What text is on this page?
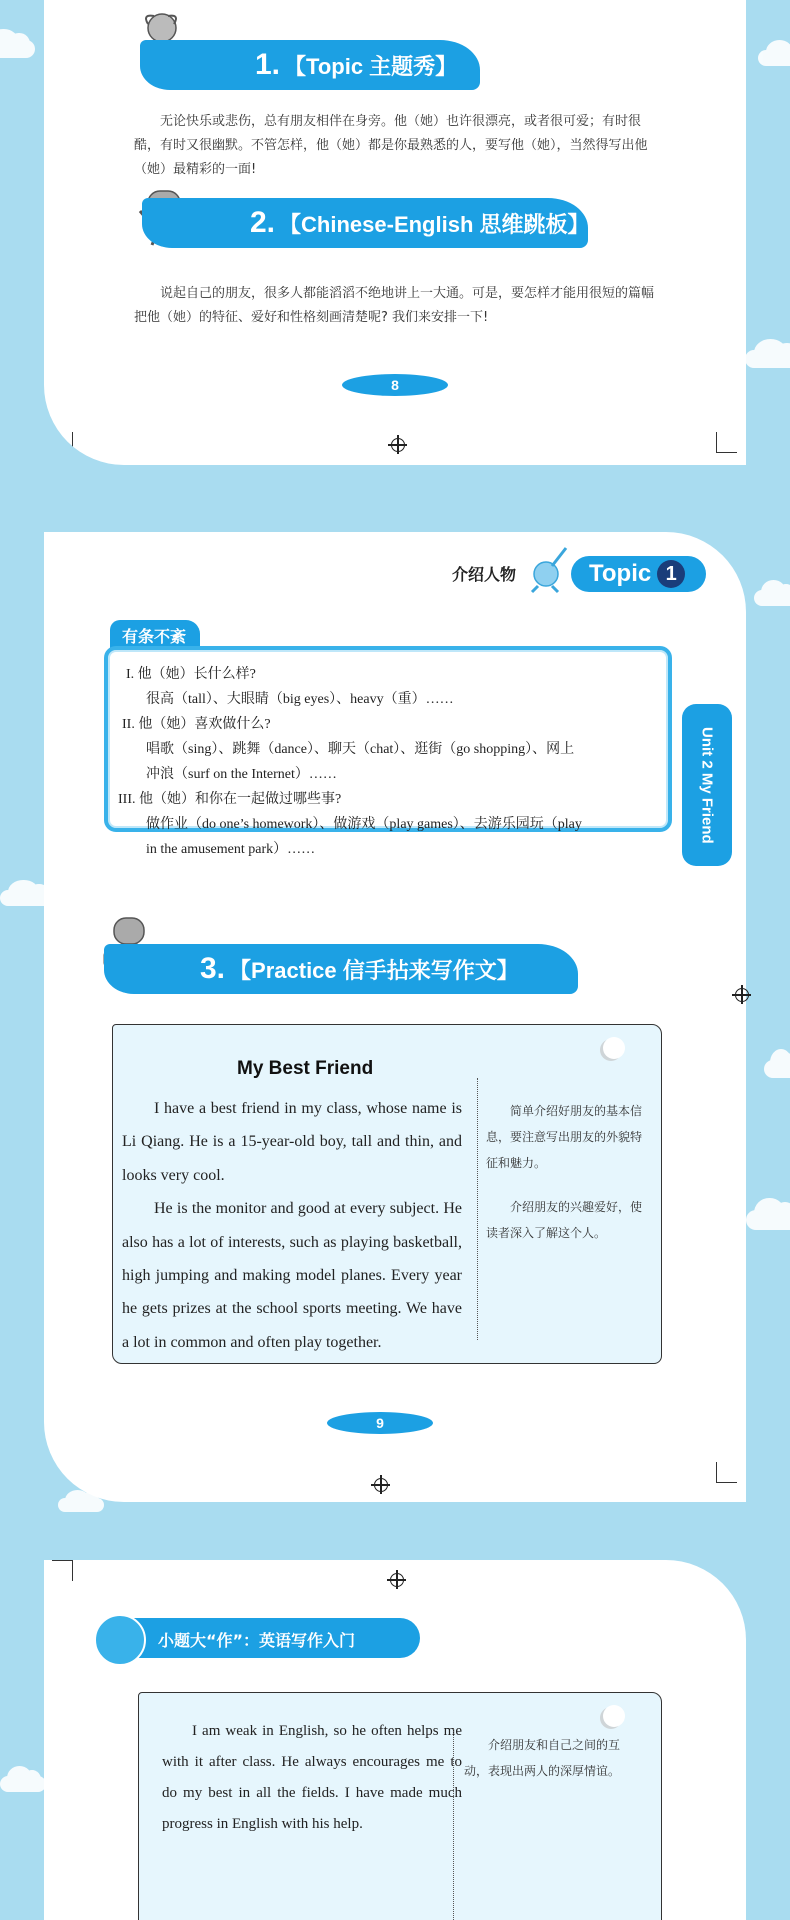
1. 【Topic 主题秀】
无论快乐或悲伤，总有朋友相伴在身旁。他（她）也许很漂亮，或者很可爱；有时很酷，有时又很幽默。不管怎样，他（她）都是你最熟悉的人，要写他（她），当然得写出他（她）最精彩的一面!
2. 【Chinese-English 思维跳板】
说起自己的朋友，很多人都能滔滔不绝地讲上一大通。可是，要怎样才能用很短的篇幅把他（她）的特征、爱好和性格刻画清楚呢? 我们来安排一下!
8
介绍人物	Topic 1
Unit 2 My Friend
有条不紊
I. 他（她）长什么样?
很高（tall）、大眼睛（big eyes）、heavy（重）……
II. 他（她）喜欢做什么?
唱歌（sing）、跳舞（dance）、聊天（chat）、逛街（go shopping）、网上
冲浪（surf on the Internet）……
III. 他（她）和你在一起做过哪些事?
做作业（do one’s homework）、做游戏（play games）、去游乐园玩（play
in the amusement park）……
3. 【Practice 信手拈来写作文】
My Best Friend

I have a best friend in my class, whose name is Li Qiang. He is a 15-year-old boy, tall and thin, and looks very cool.

He is the monitor and good at every subject. He also has a lot of interests, such as playing basketball, high jumping and making model planes. Every year he gets prizes at the school sports meeting. We have a lot in common and often play together.

简单介绍好朋友的基本信息，要注意写出朋友的外貌特征和魅力。
介绍朋友的兴趣爱好，使读者深入了解这个人。
9
小题大“作”：英语写作入门

I am weak in English, so he often helps me with it after class. He always encourages me to do my best in all the fields. I have made much progress in English with his help.

介绍朋友和自己之间的互动，表现出两人的深厚情谊。
